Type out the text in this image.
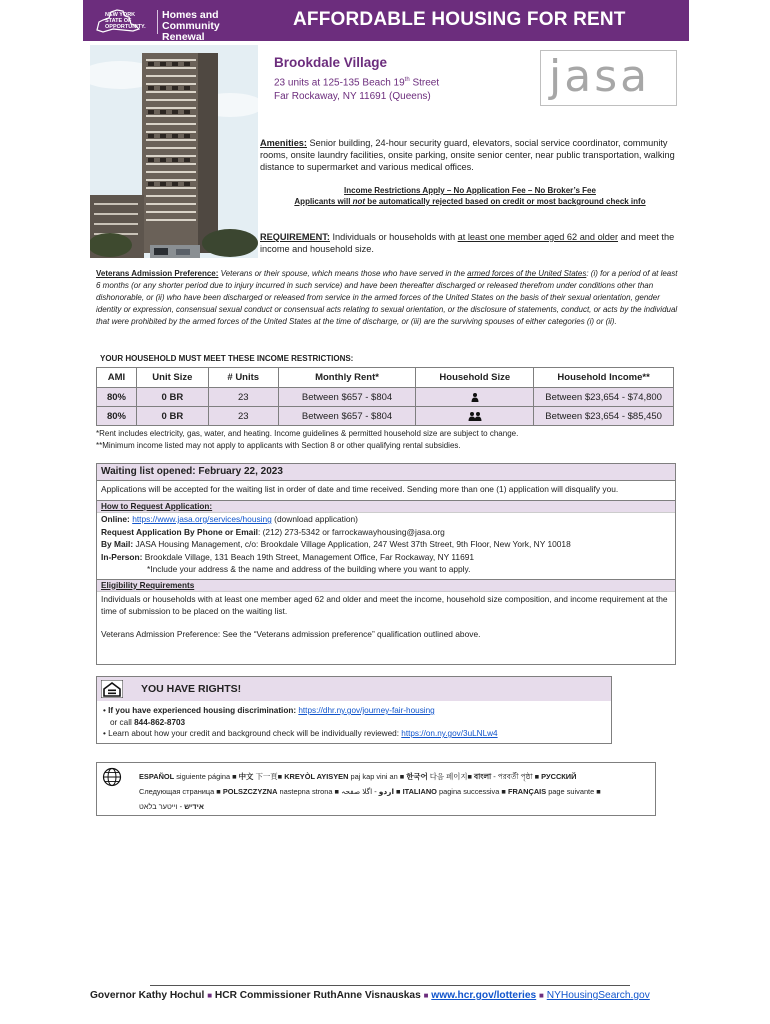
NEW YORK STATE OF OPPORTUNITY.
Homes and
Community Renewal
AFFORDABLE HOUSING FOR RENT
Brookdale Village
23 units at 125-135 Beach 19th Street
Far Rockaway, NY 11691 (Queens)	jasa
Amenities: Senior building, 24-hour security guard, elevators, social service coordinator, community rooms, onsite laundry facilities, onsite parking, onsite senior center, near public transportation, walking distance to supermarket and various medical offices.
Income Restrictions Apply – No Application Fee – No Broker’s Fee
Applicants will not be automatically rejected based on credit or most background check info
REQUIREMENT: Individuals or households with at least one member aged 62 and older and meet the income and household size.
Veterans Admission Preference: Veterans or their spouse, which means those who have served in the armed forces of the United States: (i) for a period of at least 6 months (or any shorter period due to injury incurred in such service) and have been thereafter discharged or released therefrom under conditions other than dishonorable, or (ii) who have been discharged or released from service in the armed forces of the United States on the basis of their sexual orientation, gender identity or expression, consensual sexual conduct or consensual acts relating to sexual orientation, or the disclosure of statements, conduct, or acts by the individual that were prohibited by the armed forces of the United States at the time of discharge, or (iii) are the surviving spouses of either categories (i) or (ii).
YOUR HOUSEHOLD MUST MEET THESE INCOME RESTRICTIONS:
AMI	Unit Size	# Units	Monthly Rent*	Household Size	Household Income**
80%	0 BR	23	Between $657 - $804		Between $23,654 - $74,800
80%	0 BR	23	Between $657 - $804		Between $23,654 - $85,450
*Rent includes electricity, gas, water, and heating. Income guidelines & permitted household size are subject to change.
**Minimum income listed may not apply to applicants with Section 8 or other qualifying rental subsidies.
Waiting list opened: February 22, 2023
Applications will be accepted for the waiting list in order of date and time received. Sending more than one (1) application will disqualify you.
How to Request Application:
Online: https://www.jasa.org/services/housing (download application)
Request Application By Phone or Email: (212) 273-5342 or farrockawayhousing@jasa.org
By Mail: JASA Housing Management, c/o: Brookdale Village Application, 247 West 37th Street, 9th Floor, New York, NY 10018
In-Person: Brookdale Village, 131 Beach 19th Street, Management Office, Far Rockaway, NY 11691
*Include your address & the name and address of the building where you want to apply.
Eligibility Requirements
Individuals or households with at least one member aged 62 and older and meet the income, household size composition, and income requirement at the time of submission to be placed on the waiting list.
Veterans Admission Preference: See the “Veterans admission preference” qualification outlined above.
YOU HAVE RIGHTS!
• If you have experienced housing discrimination: https://dhr.ny.gov/journey-fair-housing
or call 844-862-8703
• Learn about how your credit and background check will be individually reviewed: https://on.ny.gov/3uLNLw4
ESPAÑOL siguiente página ■ 中文 下一頁■ KREYÒL AYISYEN paj kap vini an ■ 한국어 다음 페이지■ বাংলা - পরবর্তী পৃষ্ঠা ■ РУССКИЙ
Следующая страница ■ POLSZCZYZNA nastepna strona ■	اردو - اگلا صفحہ ■ ITALIANO pagina successiva ■ FRANÇAIS page suivante ■
אידיש - וייטער בלאט
Governor Kathy Hochul ■ HCR Commissioner RuthAnne Visnauskas ■ www.hcr.gov/lotteries ■ NYHousingSearch.gov
